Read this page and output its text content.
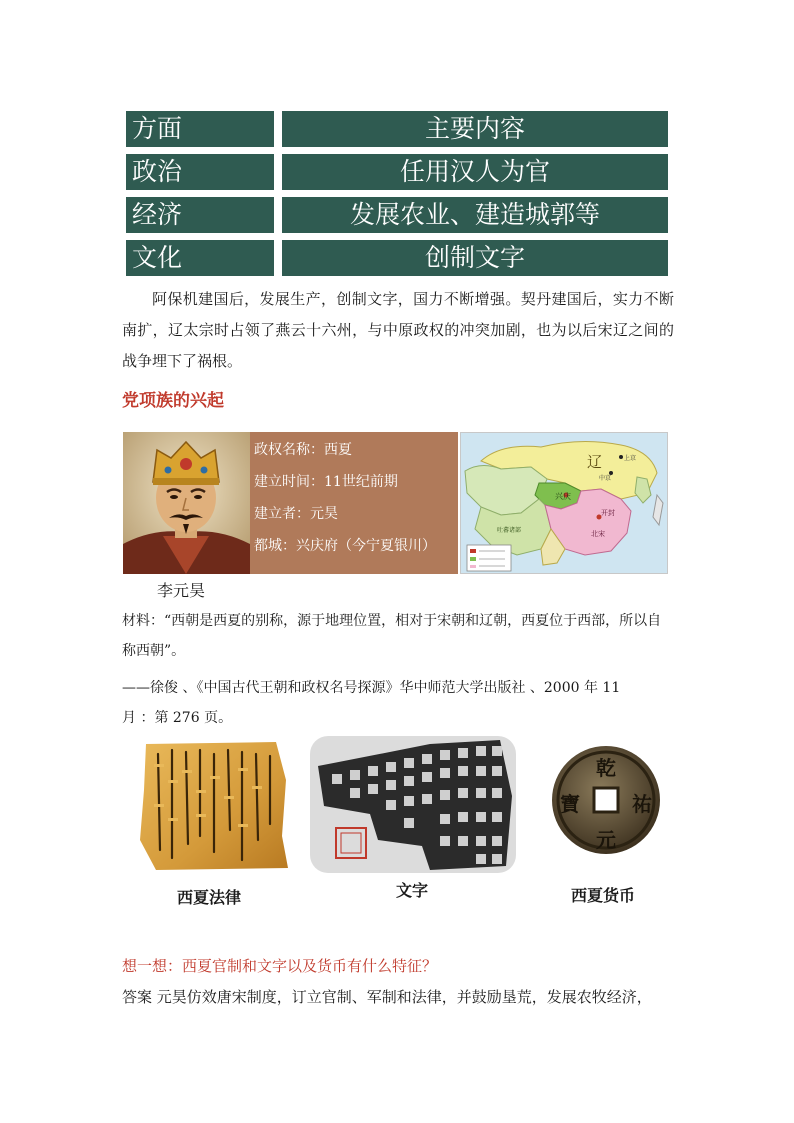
方面	主要内容
政治	任用汉人为官
经济	发展农业、建造城郭等
文化	创制文字
阿保机建国后，发展生产，创制文字，国力不断增强。契丹建国后，实力不断南扩，辽太宗时占领了燕云十六州，与中原政权的冲突加剧，也为以后宋辽之间的战争埋下了祸根。
党项族的兴起
政权名称：西夏
建立时间：11世纪前期
建立者：元昊
都城：兴庆府（今宁夏银川）
辽
兴庆
开封
中京
上京
北宋
吐蕃诸部
李元昊
材料：“西朝是西夏的别称，源于地理位置，相对于宋朝和辽朝，西夏位于西部，所以自称西朝”。
——徐俊 、《中国古代王朝和政权名号探源》华中师范大学出版社 、2000 年 11
月 ：第 276 页。
乾
祐
元
寶
西夏法律	文字	西夏货币
想一想：西夏官制和文字以及货币有什么特征？
答案 元昊仿效唐宋制度，订立官制、军制和法律，并鼓励垦荒，发展农牧经济，
